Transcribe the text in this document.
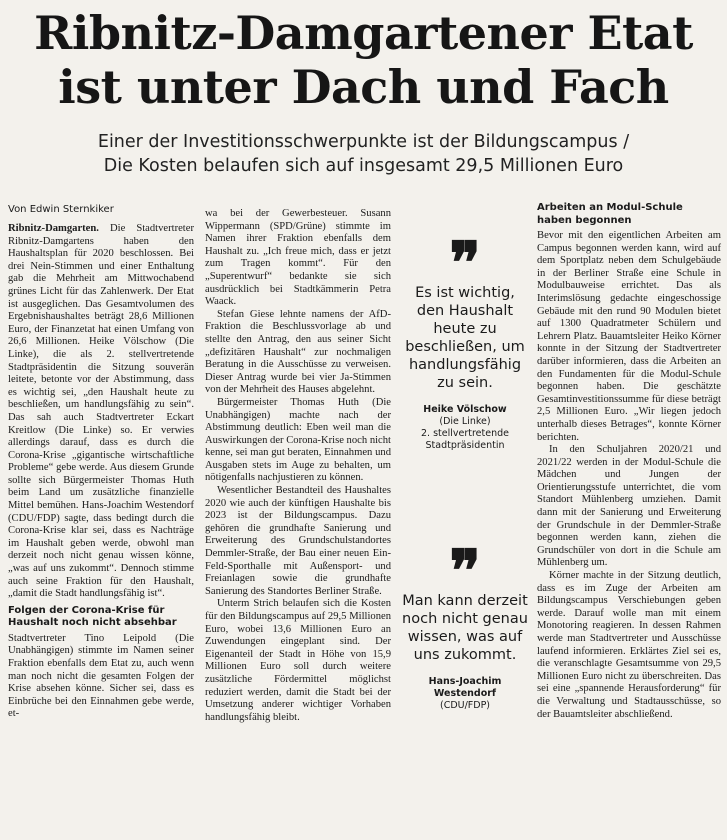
Ribnitz-Damgartener Etat
ist unter Dach und Fach
Einer der Investitionsschwerpunkte ist der Bildungscampus /
Die Kosten belaufen sich auf insgesamt 29,5 Millionen Euro
Von Edwin Sternkiker

Ribnitz-Damgarten. Die Stadtvertreter Ribnitz-Damgartens haben den Haushaltsplan für 2020 beschlossen. Bei drei Nein-Stimmen und einer Enthaltung gab die Mehrheit am Mittwochabend grünes Licht für das Zahlenwerk. Der Etat ist ausgeglichen. Das Gesamtvolumen des Ergebnishaushaltes beträgt 28,6 Millionen Euro, der Finanzetat hat einen Umfang von 26,6 Millionen. Heike Völschow (Die Linke), die als 2. stellvertretende Stadtpräsidentin die Sitzung souverän leitete, betonte vor der Abstimmung, dass es wichtig sei, „den Haushalt heute zu beschließen, um handlungsfähig zu sein“. Das sah auch Stadtvertreter Eckart Kreitlow (Die Linke) so. Er verwies allerdings darauf, dass es durch die Corona-Krise „gigantische wirtschaftliche Probleme“ gebe werde. Aus diesem Grunde sollte sich Bürgermeister Thomas Huth beim Land um zusätzliche finanzielle Mittel bemühen. Hans-Joachim Westendorf (CDU/FDP) sagte, dass bedingt durch die Corona-Krise klar sei, dass es Nachträge im Haushalt geben werde, obwohl man derzeit noch nicht genau wissen könne, „was auf uns zukommt“. Dennoch stimme auch seine Fraktion für den Haushalt, „damit die Stadt handlungsfähig ist“.

Folgen der Corona-Krise für Haushalt noch nicht absehbar

Stadtvertreter Tino Leipold (Die Unabhängigen) stimmte im Namen seiner Fraktion ebenfalls dem Etat zu, auch wenn man noch nicht die gesamten Folgen der Krise absehen könne. Sicher sei, dass es Einbrüche bei den Einnahmen gebe werde, et-

wa bei der Gewerbesteuer. Susann Wippermann (SPD/Grüne) stimmte im Namen ihrer Fraktion ebenfalls dem Haushalt zu. „Ich freue mich, dass er jetzt zum Tragen kommt“. Für den „Superentwurf“ bedankte sie sich ausdrücklich bei Stadtkämmerin Petra Waack.

Stefan Giese lehnte namens der AfD-Fraktion die Beschlussvorlage ab und stellte den Antrag, den aus seiner Sicht „defizitären Haushalt“ zur nochmaligen Beratung in die Ausschüsse zu verweisen. Dieser Antrag wurde bei vier Ja-Stimmen von der Mehrheit des Hauses abgelehnt.

Bürgermeister Thomas Huth (Die Unabhängigen) machte nach der Abstimmung deutlich: Eben weil man die Auswirkungen der Corona-Krise noch nicht kenne, sei man gut beraten, Einnahmen und Ausgaben stets im Auge zu behalten, um nötigenfalls nachjustieren zu können.

Wesentlicher Bestandteil des Haushaltes 2020 wie auch der künftigen Haushalte bis 2023 ist der Bildungscampus. Dazu gehören die grundhafte Sanierung und Erweiterung des Grundschulstandortes Demmler-Straße, der Bau einer neuen Ein-Feld-Sporthalle mit Außensport- und Freianlagen sowie die grundhafte Sanierung des Standortes Berliner Straße.

Unterm Strich belaufen sich die Kosten für den Bildungscampus auf 29,5 Millionen Euro, wobei 13,6 Millionen Euro an Zuwendungen eingeplant sind. Der Eigenanteil der Stadt in Höhe von 15,9 Millionen Euro soll durch weitere zusätzliche Fördermittel möglichst reduziert werden, damit die Stadt bei der Umsetzung anderer wichtiger Vorhaben handlungsfähig bleibt.

❞
Es ist wichtig, den Haushalt heute zu beschließen, um handlungsfähig zu sein.
Heike Völschow
(Die Linke)
2. stellvertretende
Stadtpräsidentin
❞
Man kann derzeit noch nicht genau wissen, was auf uns zukommt.
Hans-Joachim Westendorf
(CDU/FDP)
Arbeiten an Modul-Schule haben begonnen

Bevor mit den eigentlichen Arbeiten am Campus begonnen werden kann, wird auf dem Sportplatz neben dem Schulgebäude in der Berliner Straße eine Schule in Modulbauweise errichtet. Das als Interimslösung gedachte eingeschossige Gebäude mit den rund 90 Modulen bietet auf 1300 Quadratmeter Schülern und Lehrern Platz. Bauamtsleiter Heiko Körner konnte in der Sitzung der Stadtvertreter darüber informieren, dass die Arbeiten an den Fundamenten für die Modul-Schule begonnen haben. Die geschätzte Gesamtinvestitionssumme für diese beträgt 2,5 Millionen Euro. „Wir liegen jedoch unterhalb dieses Betrages“, konnte Körner berichten.

In den Schuljahren 2020/21 und 2021/22 werden in der Modul-Schule die Mädchen und Jungen der Orientierungsstufe unterrichtet, die vom Standort Mühlenberg umziehen. Damit dann mit der Sanierung und Erweiterung der Grundschule in der Demmler-Straße begonnen werden kann, ziehen die Grundschüler von dort in die Schule am Mühlenberg um.

Körner machte in der Sitzung deutlich, dass es im Zuge der Arbeiten am Bildungscampus Verschiebungen geben werde. Darauf wolle man mit einem Monotoring reagieren. In dessen Rahmen werde man Stadtvertreter und Ausschüsse laufend informieren. Erklärtes Ziel sei es, die veranschlagte Gesamtsumme von 29,5 Millionen Euro nicht zu überschreiten. Das sei eine „spannende Herausforderung“ für die Verwaltung und Stadtausschüsse, so der Bauamtsleiter abschließend.
